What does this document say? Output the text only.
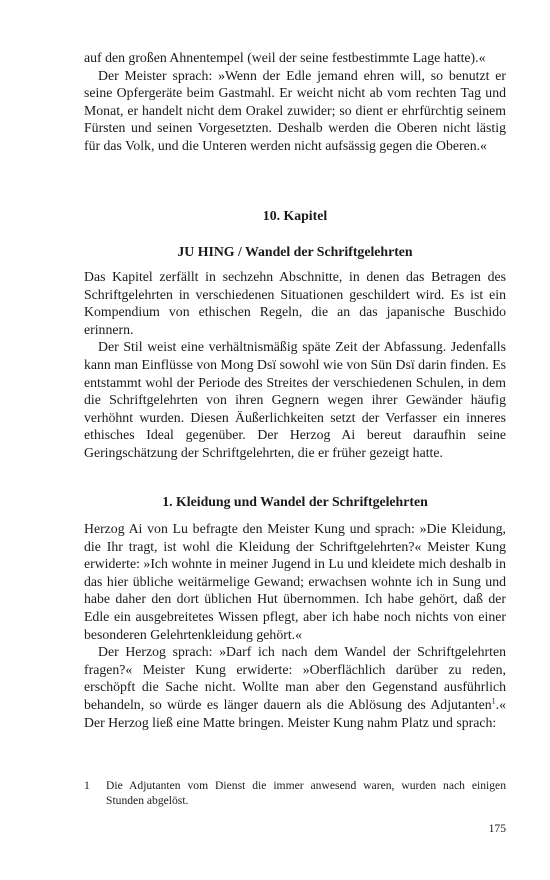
auf den großen Ahnentempel (weil der seine festbestimmte Lage hatte).«

Der Meister sprach: »Wenn der Edle jemand ehren will, so benutzt er seine Opfergeräte beim Gastmahl. Er weicht nicht ab vom rechten Tag und Monat, er handelt nicht dem Orakel zuwider; so dient er ehrfürchtig seinem Fürsten und seinen Vorgesetzten. Deshalb werden die Oberen nicht lästig für das Volk, und die Unteren werden nicht aufsässig gegen die Oberen.«

10. Kapitel
JU HING / Wandel der Schriftgelehrten

Das Kapitel zerfällt in sechzehn Abschnitte, in denen das Betragen des Schriftgelehrten in verschiedenen Situationen geschildert wird. Es ist ein Kompendium von ethischen Regeln, die an das japanische Buschido erinnern.

Der Stil weist eine verhältnismäßig späte Zeit der Abfassung. Jedenfalls kann man Einflüsse von Mong Dsï sowohl wie von Sün Dsï darin finden. Es entstammt wohl der Periode des Streites der verschiedenen Schulen, in dem die Schriftgelehrten von ihren Gegnern wegen ihrer Gewänder häufig verhöhnt wurden. Diesen Äußerlichkeiten setzt der Verfasser ein inneres ethisches Ideal gegenüber. Der Herzog Ai bereut daraufhin seine Geringschätzung der Schriftgelehrten, die er früher gezeigt hatte.

1. Kleidung und Wandel der Schriftgelehrten

Herzog Ai von Lu befragte den Meister Kung und sprach: »Die Kleidung, die Ihr tragt, ist wohl die Kleidung der Schriftgelehrten?« Meister Kung erwiderte: »Ich wohnte in meiner Jugend in Lu und kleidete mich deshalb in das hier übliche weitärmelige Gewand; erwachsen wohnte ich in Sung und habe daher den dort üblichen Hut übernommen. Ich habe gehört, daß der Edle ein ausgebreitetes Wissen pflegt, aber ich habe noch nichts von einer besonderen Gelehrtenkleidung gehört.«

Der Herzog sprach: »Darf ich nach dem Wandel der Schriftgelehrten fragen?« Meister Kung erwiderte: »Oberflächlich darüber zu reden, erschöpft die Sache nicht. Wollte man aber den Gegenstand ausführlich behandeln, so würde es länger dauern als die Ablösung des Adjutanten$^1$.« Der Herzog ließ eine Matte bringen. Meister Kung nahm Platz und sprach:

1	Die Adjutanten vom Dienst die immer anwesend waren, wurden nach einigen Stunden abgelöst.
175
